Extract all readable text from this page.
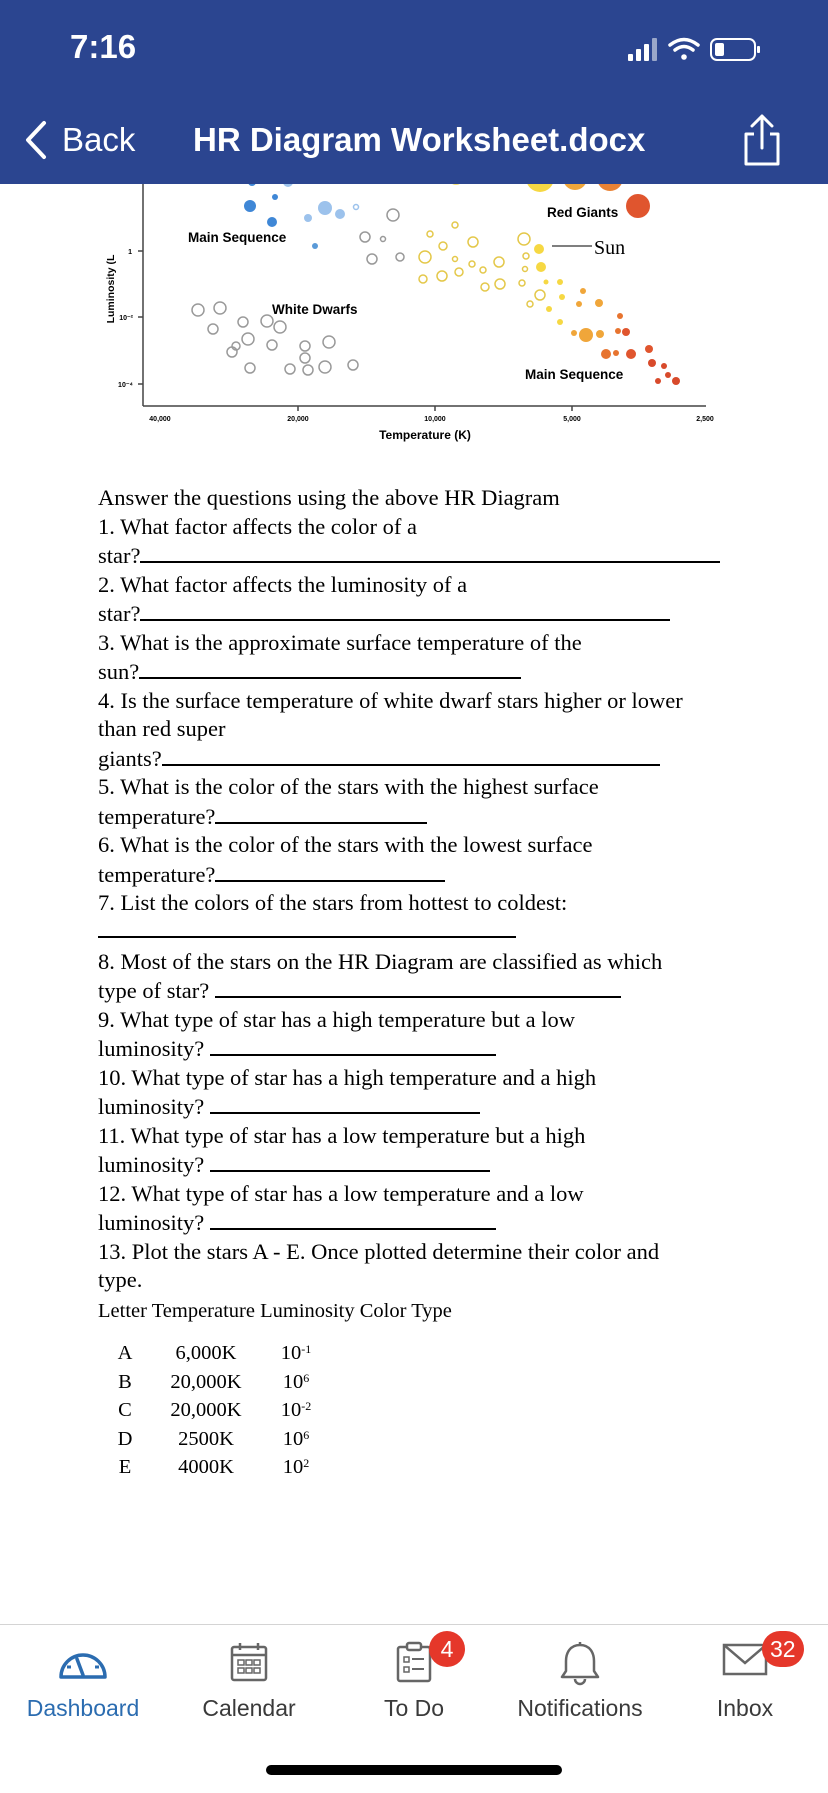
7:16
Back HR Diagram Worksheet.docx
Luminosity (L
1
10⁻²
10⁻⁴
40,000	20,000	10,000	5,000	2,500
Temperature (K)
Main Sequence
White Dwarfs
Red Giants
Main Sequence
Sun
Answer the questions using the above HR Diagram
1. What factor affects the color of a
star?
2. What factor affects the luminosity of a
star?
3. What is the approximate surface temperature of the
sun?
4. Is the surface temperature of white dwarf stars higher or lower
than red super
giants?
5. What is the color of the stars with the highest surface
temperature?
6. What is the color of the stars with the lowest surface
temperature?
7. List the colors of the stars from hottest to coldest:
8. Most of the stars on the HR Diagram are classified as which
type of star?
9. What type of star has a high temperature but a low
luminosity?
10. What type of star has a high temperature and a high
luminosity?
11. What type of star has a low temperature but a high
luminosity?
12. What type of star has a low temperature and a low
luminosity?
13. Plot the stars A - E. Once plotted determine their color and
type.
Letter Temperature Luminosity Color Type
A	6,000K	$10^{-1}$
B	20,000K	$10^6$
C	20,000K	$10^{-2}$
D	2500K	$10^6$
E	4000K	$10^2$
Dashboard	Calendar
4
To Do	Notifications
32
Inbox
